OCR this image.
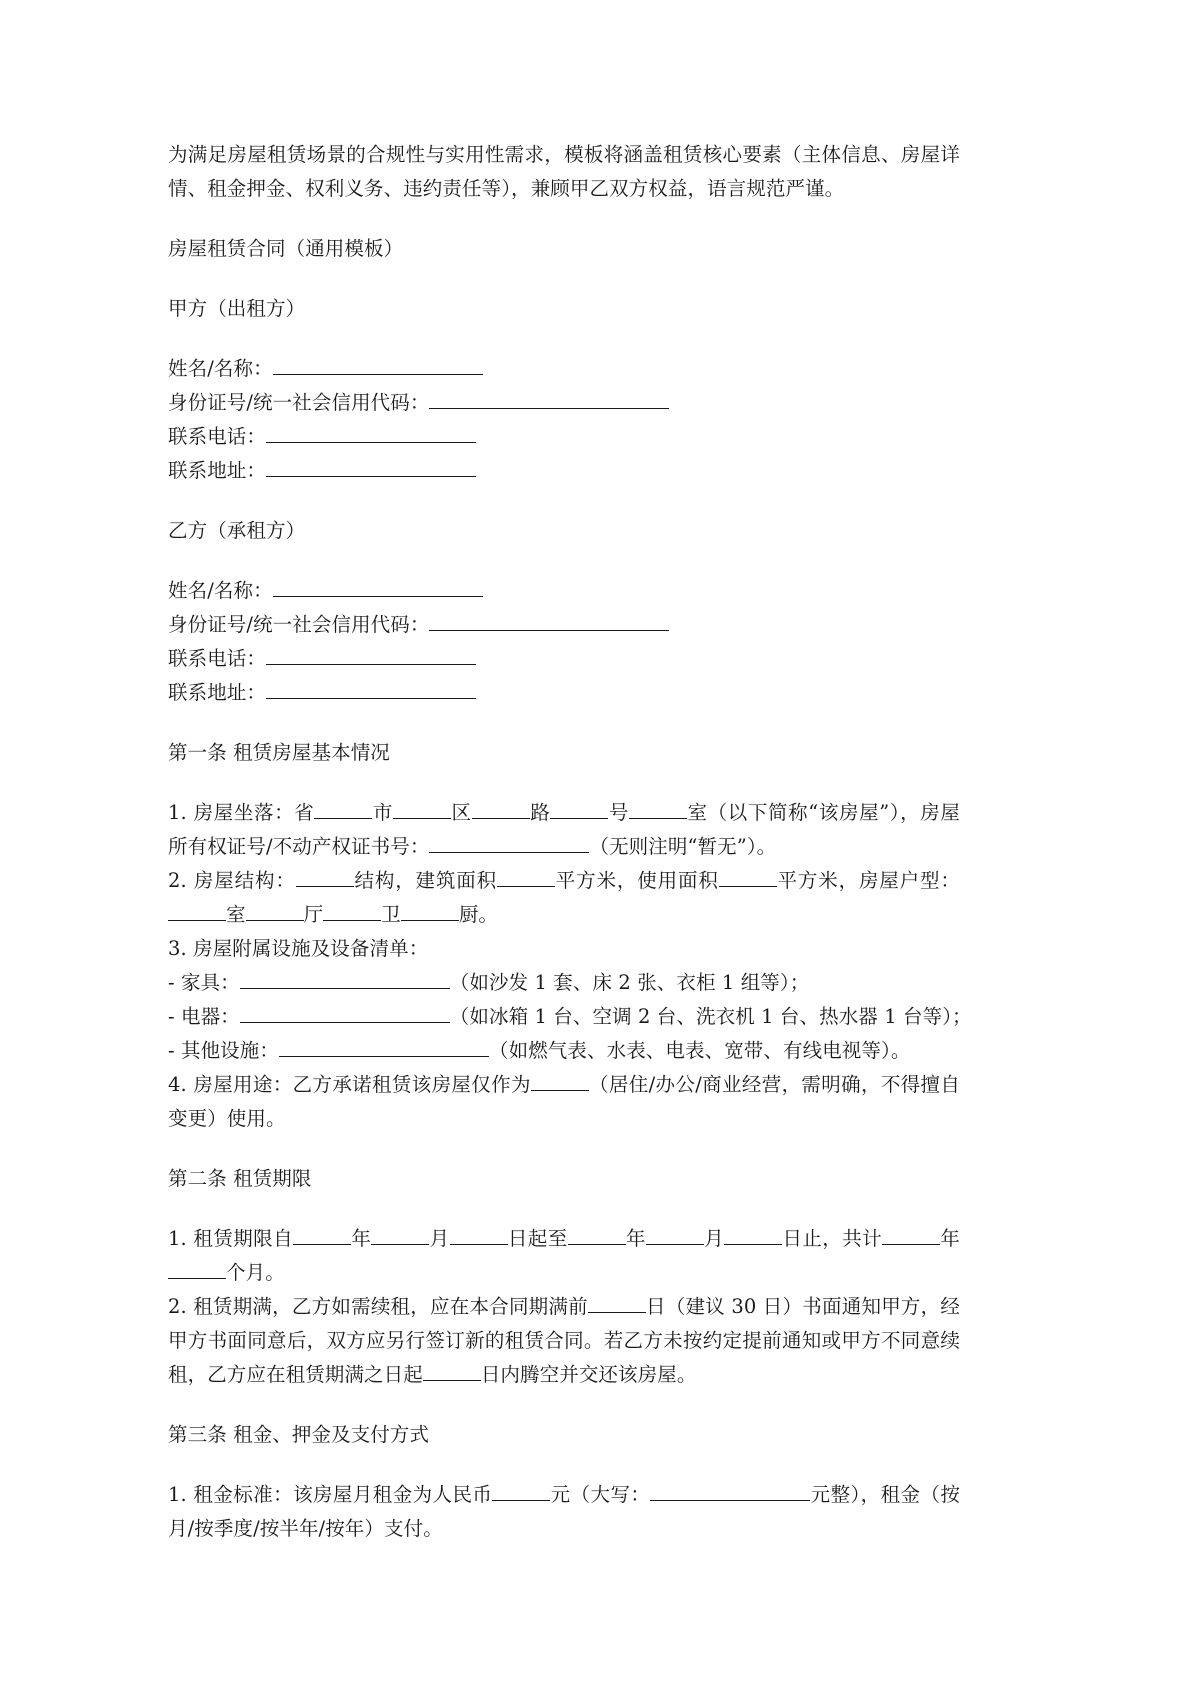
为满足房屋租赁场景的合规性与实用性需求，模板将涵盖租赁核心要素（主体信息、房屋详情、租金押金、权利义务、违约责任等），兼顾甲乙双方权益，语言规范严谨。

房屋租赁合同（通用模板）

甲方（出租方）

姓名/名称：

身份证号/统一社会信用代码：

联系电话：

联系地址：

乙方（承租方）

姓名/名称：

身份证号/统一社会信用代码：

联系电话：

联系地址：

第一条 租赁房屋基本情况

1. 房屋坐落：省	市	区	路	号	室（以下简称“该房屋”），房屋所有权证号/不动产权证书号：	（无则注明“暂无”）。

2. 房屋结构：	结构，建筑面积	平方米，使用面积	平方米，房屋户型：室	厅	卫	厨。

3. 房屋附属设施及设备清单：

- 家具：	（如沙发 1 套、床 2 张、衣柜 1 组等）；

- 电器：	（如冰箱 1 台、空调 2 台、洗衣机 1 台、热水器 1 台等）；

- 其他设施：	（如燃气表、水表、电表、宽带、有线电视等）。

4. 房屋用途：乙方承诺租赁该房屋仅作为	（居住/办公/商业经营，需明确，不得擅自变更）使用。

第二条 租赁期限

1. 租赁期限自	年	月	日起至	年	月	日止，共计	年个月。

2. 租赁期满，乙方如需续租，应在本合同期满前	日（建议 30 日）书面通知甲方，经甲方书面同意后，双方应另行签订新的租赁合同。若乙方未按约定提前通知或甲方不同意续租，乙方应在租赁期满之日起	日内腾空并交还该房屋。

第三条 租金、押金及支付方式

1. 租金标准：该房屋月租金为人民币	元（大写：	元整），租金（按月/按季度/按半年/按年）支付。
